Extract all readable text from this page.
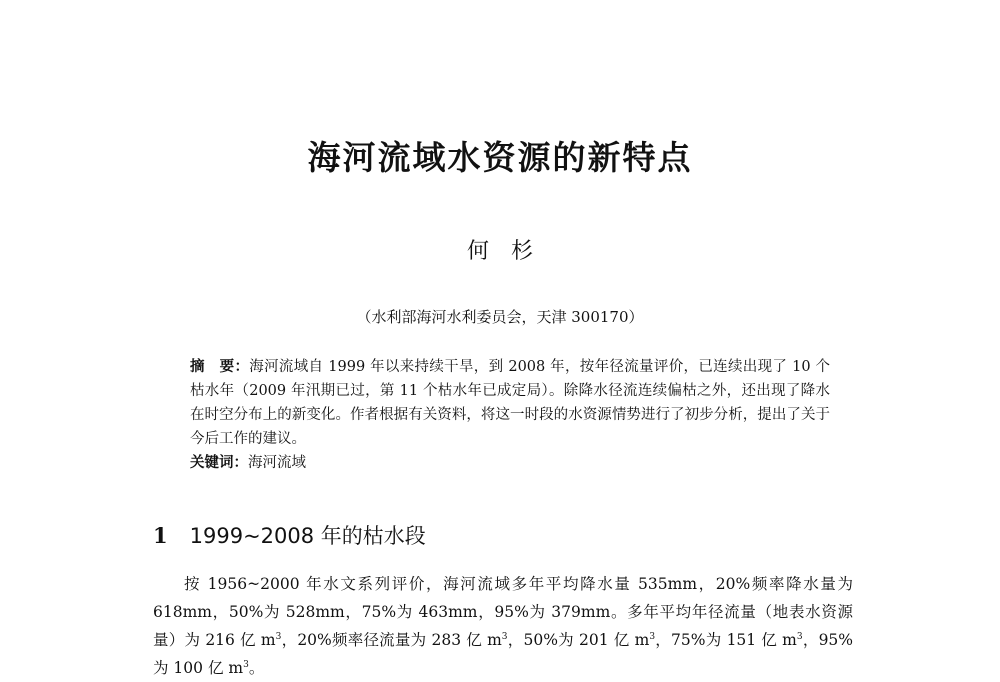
海河流域水资源的新特点
何杉
（水利部海河水利委员会，天津 300170）
摘　要：海河流域自 1999 年以来持续干旱，到 2008 年，按年径流量评价，已连续出现了 10 个枯水年（2009 年汛期已过，第 11 个枯水年已成定局）。除降水径流连续偏枯之外，还出现了降水在时空分布上的新变化。作者根据有关资料，将这一时段的水资源情势进行了初步分析，提出了关于今后工作的建议。
关键词：海河流域
1 1999~2008 年的枯水段
按 1956~2000 年水文系列评价，海河流域多年平均降水量 535mm，20%频率降水量为 618mm，50%为 528mm，75%为 463mm，95%为 379mm。多年平均年径流量（地表水资源量）为 216 亿 $m^3$，20%频率径流量为 283 亿 $m^3$，50%为 201 亿 $m^3$，75%为 151 亿 $m^3$，95%为 100 亿 $m^3$。
